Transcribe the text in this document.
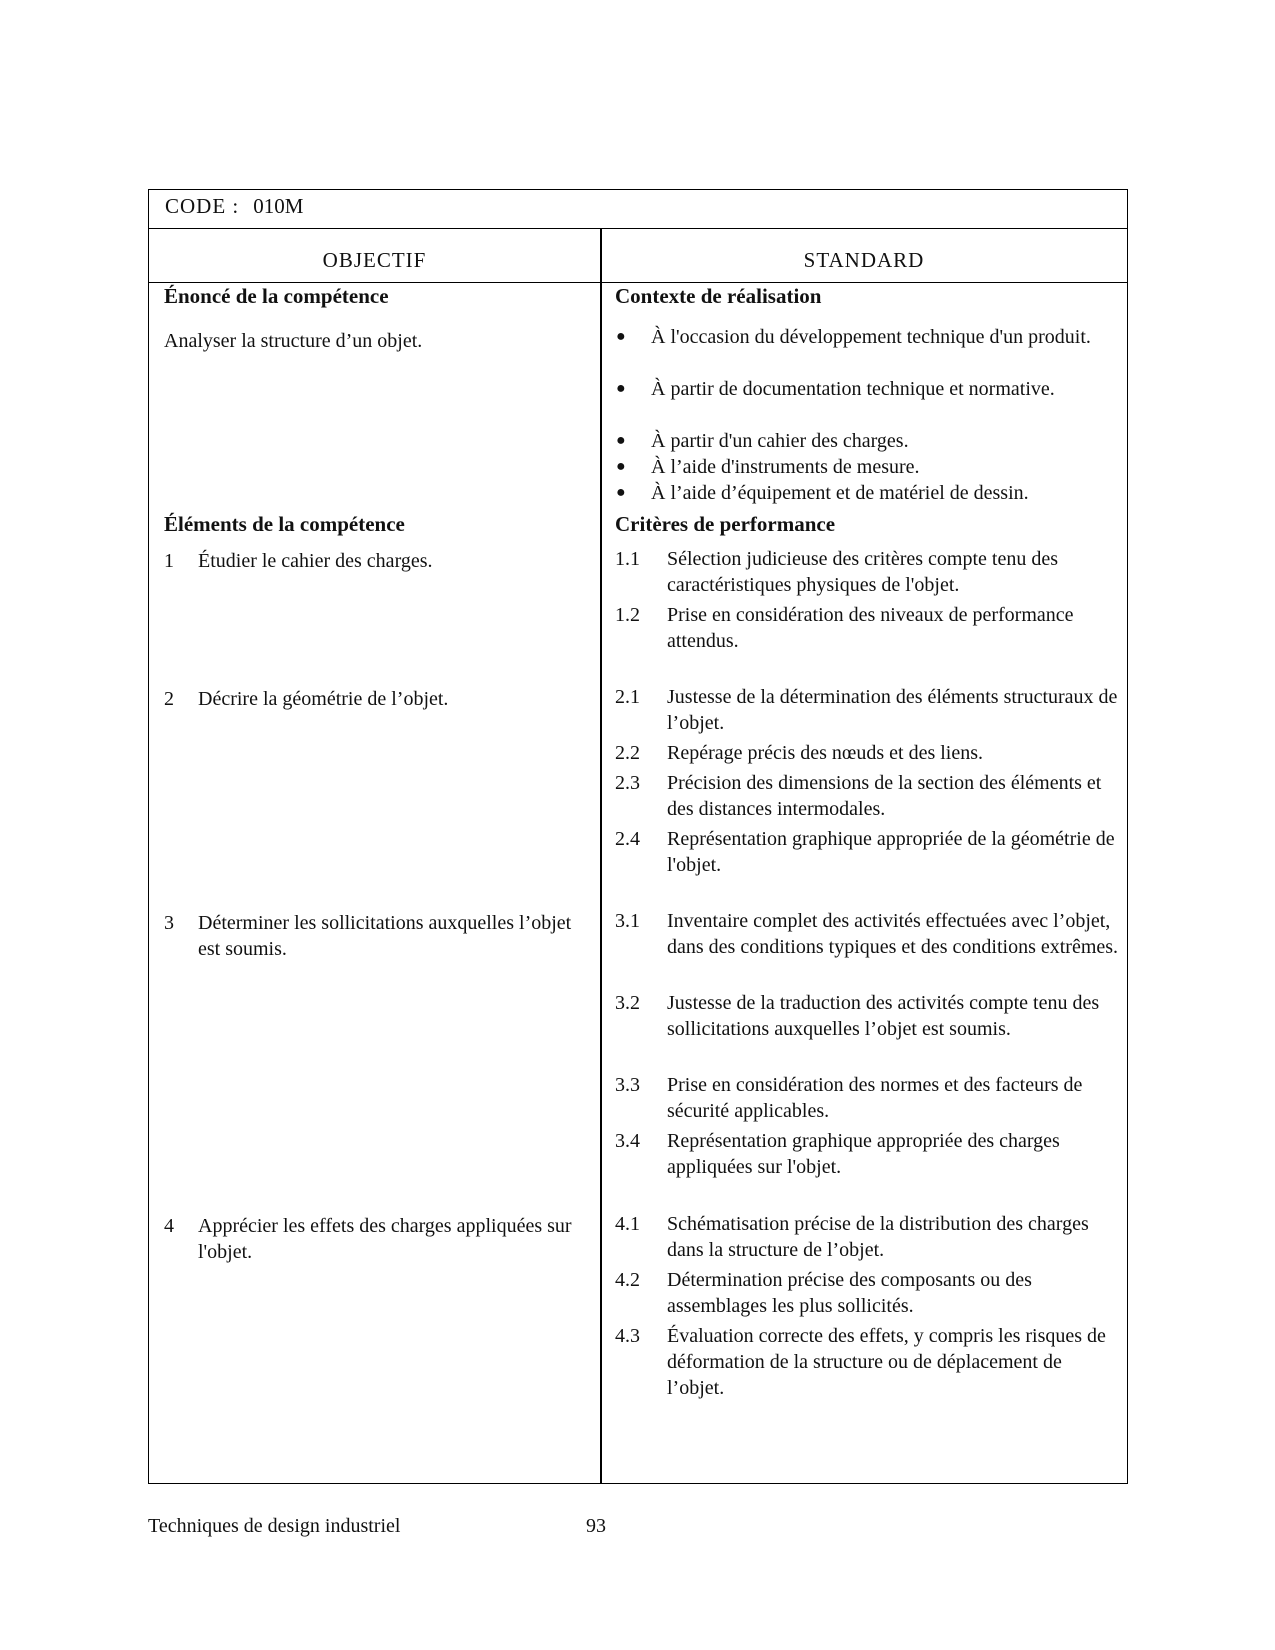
CODE : 010M
OBJECTIF	STANDARD
Énoncé de la compétence
Analyser la structure d’un objet.
Éléments de la compétence
1 Étudier le cahier des charges.
2 Décrire la géométrie de l’objet.
3 Déterminer les sollicitations auxquelles l’objet est soumis.
4 Apprécier les effets des charges appliquées sur l'objet.
Contexte de réalisation
● À l'occasion du développement technique d'un produit.
● À partir de documentation technique et normative.
● À partir d'un cahier des charges.
● À l’aide d'instruments de mesure.
● À l’aide d’équipement et de matériel de dessin.
Critères de performance
1.1 Sélection judicieuse des critères compte tenu des caractéristiques physiques de l'objet.
1.2 Prise en considération des niveaux de performance attendus.
2.1 Justesse de la détermination des éléments structuraux de l’objet.
2.2 Repérage précis des nœuds et des liens.
2.3 Précision des dimensions de la section des éléments et des distances intermodales.
2.4 Représentation graphique appropriée de la géométrie de l'objet.
3.1 Inventaire complet des activités effectuées avec l’objet, dans des conditions typiques et des conditions extrêmes.
3.2 Justesse de la traduction des activités compte tenu des sollicitations auxquelles l’objet est soumis.
3.3 Prise en considération des normes et des facteurs de sécurité applicables.
3.4 Représentation graphique appropriée des charges appliquées sur l'objet.
4.1 Schématisation précise de la distribution des charges dans la structure de l’objet.
4.2 Détermination précise des composants ou des assemblages les plus sollicités.
4.3 Évaluation correcte des effets, y compris les risques de déformation de la structure ou de déplacement de l’objet.
Techniques de design industriel	93
